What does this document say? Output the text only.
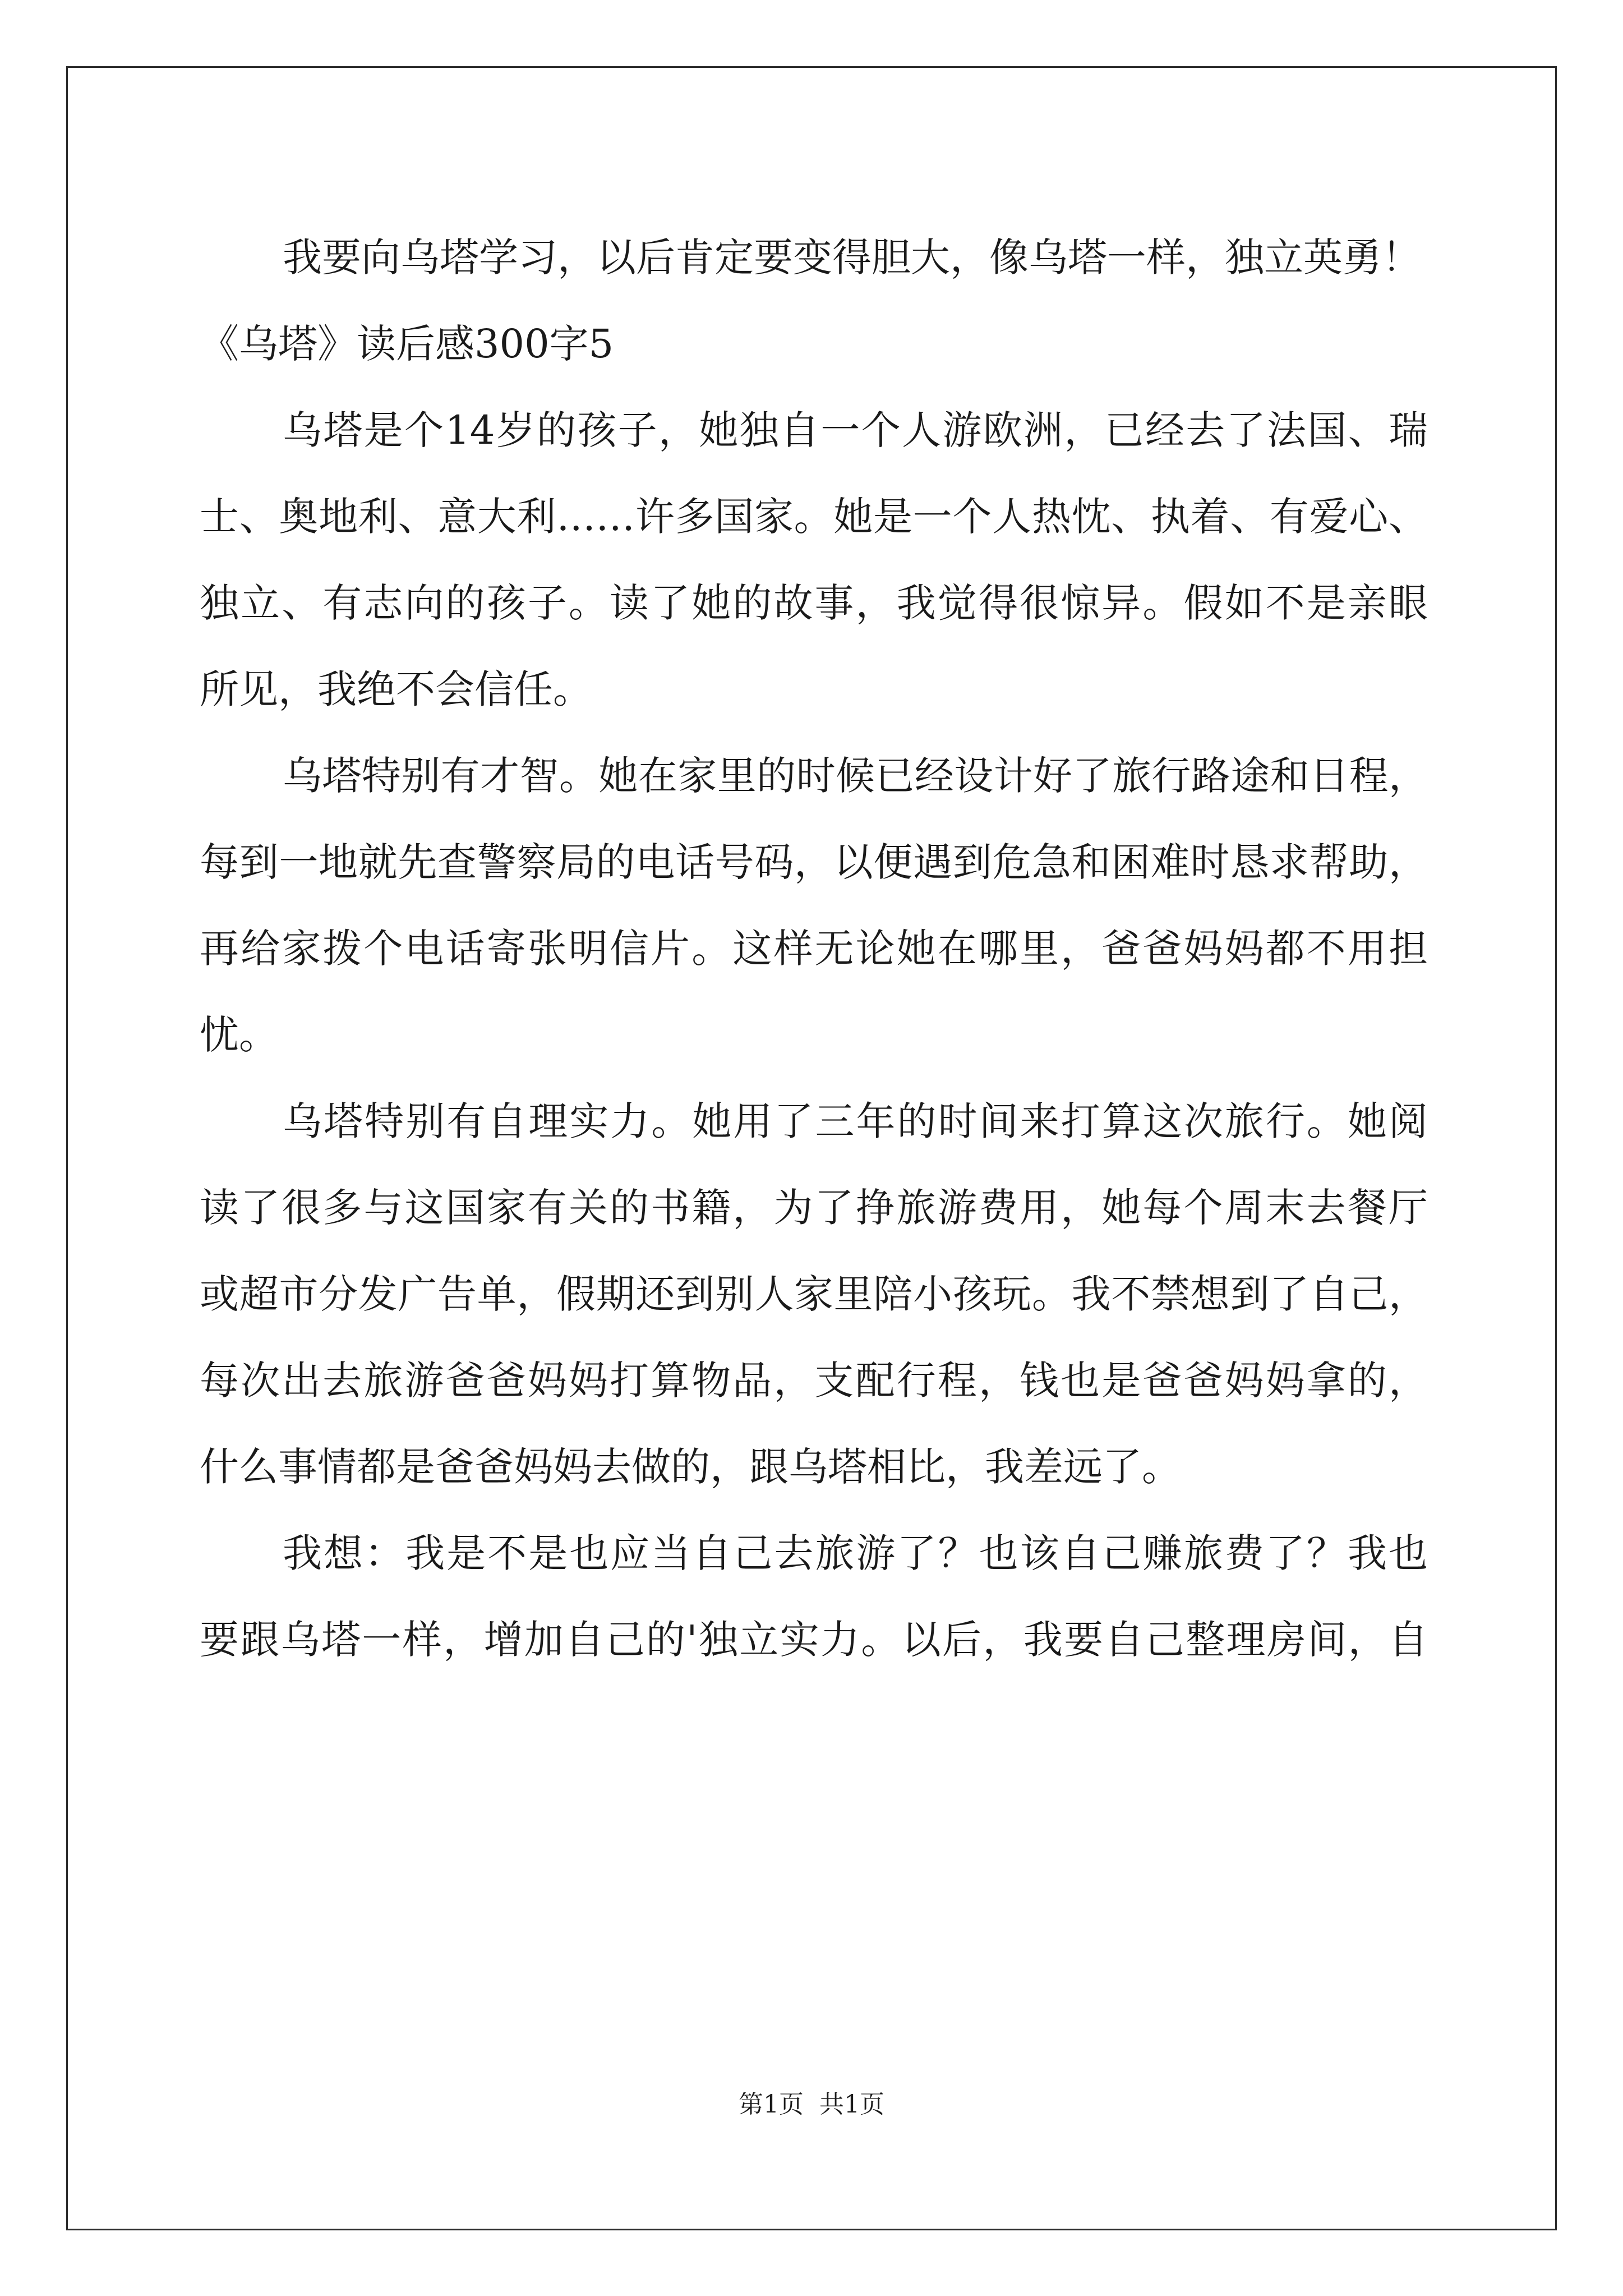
我要向乌塔学习，以后肯定要变得胆大，像乌塔一样，独立英勇！
《乌塔》读后感300字5
乌塔是个14岁的孩子，她独自一个人游欧洲，已经去了法国、瑞
士、奥地利、意大利……许多国家。她是一个人热忱、执着、有爱心、
独立、有志向的孩子。读了她的故事，我觉得很惊异。假如不是亲眼
所见，我绝不会信任。
乌塔特别有才智。她在家里的时候已经设计好了旅行路途和日程，
每到一地就先查警察局的电话号码，以便遇到危急和困难时恳求帮助，
再给家拨个电话寄张明信片。这样无论她在哪里，爸爸妈妈都不用担
忧。
乌塔特别有自理实力。她用了三年的时间来打算这次旅行。她阅
读了很多与这国家有关的书籍，为了挣旅游费用，她每个周末去餐厅
或超市分发广告单，假期还到别人家里陪小孩玩。我不禁想到了自己，
每次出去旅游爸爸妈妈打算物品，支配行程，钱也是爸爸妈妈拿的，
什么事情都是爸爸妈妈去做的，跟乌塔相比，我差远了。
我想：我是不是也应当自己去旅游了？也该自己赚旅费了？我也
要跟乌塔一样，增加自己的'独立实力。以后，我要自己整理房间，自
第1页 共1页
